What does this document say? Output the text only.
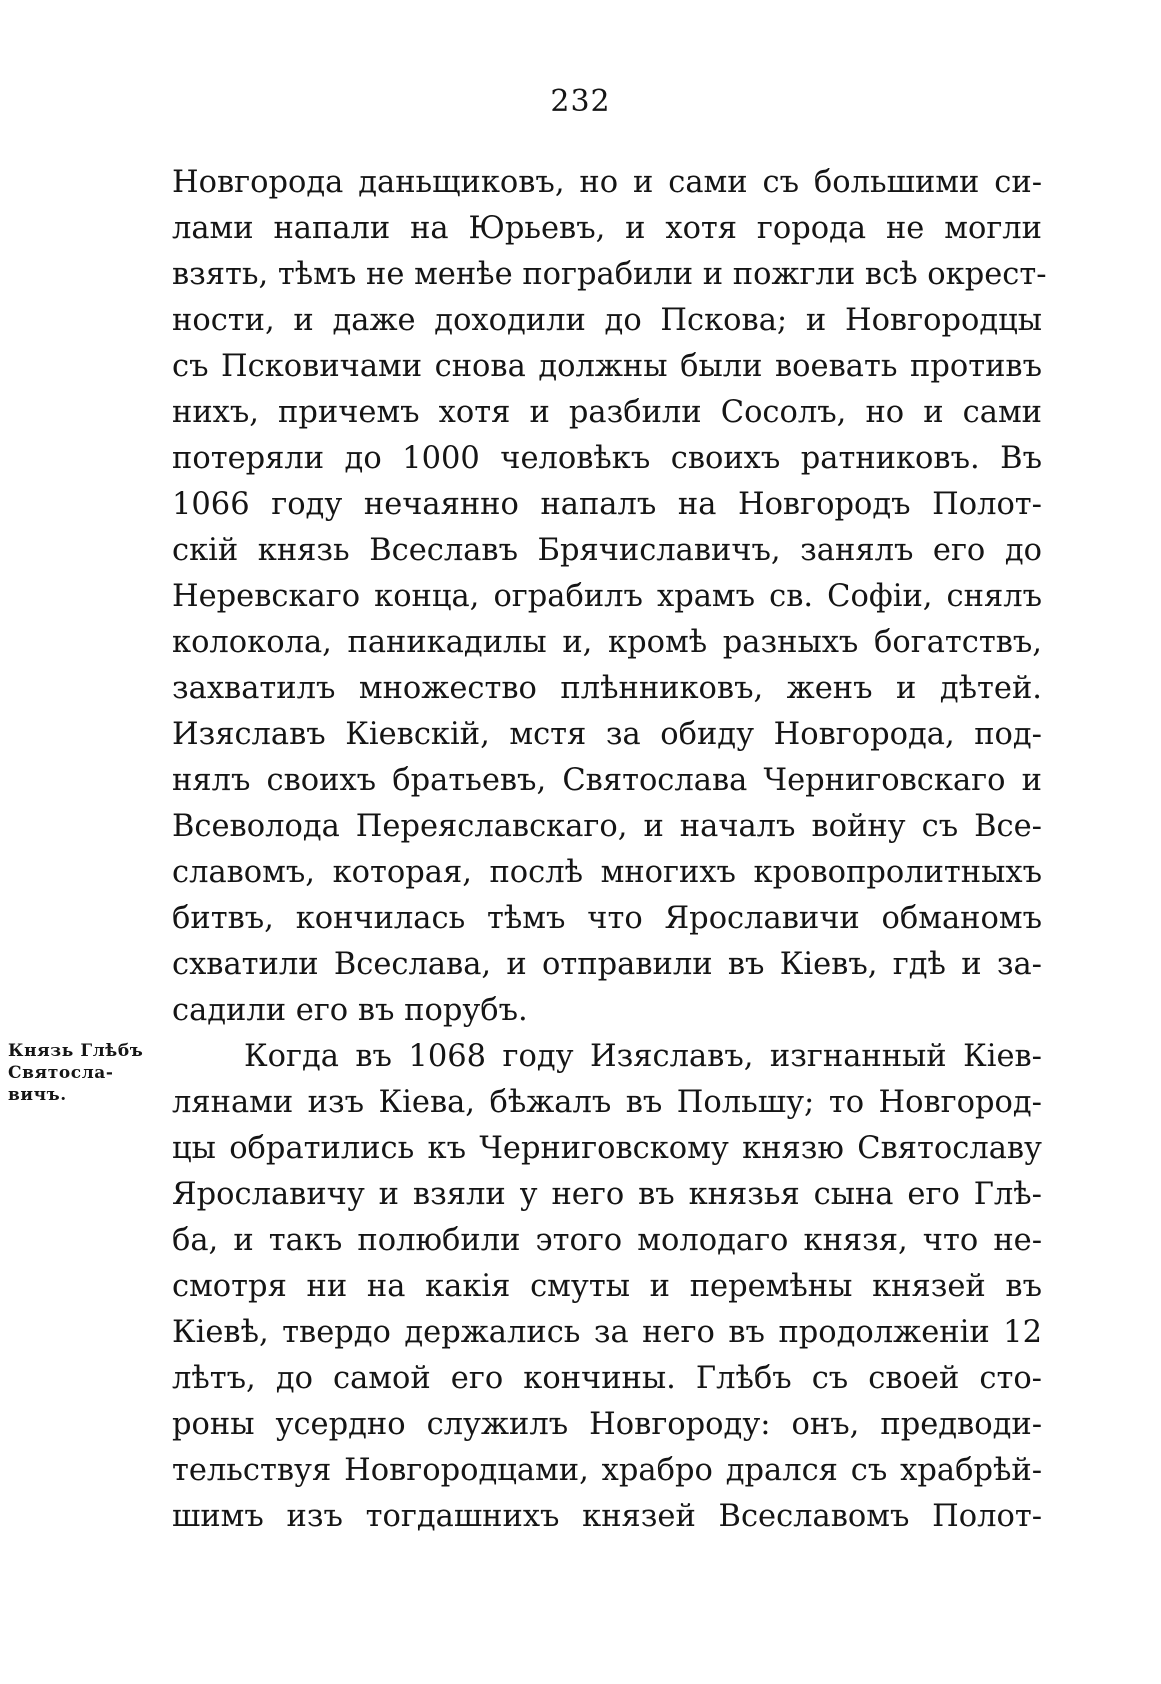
232
Князь Глѣбъ
Святосла-
вичъ.
Новгорода даньщиковъ, но и сами съ большими си-
лами напали на Юрьевъ, и хотя города не могли
взять, тѣмъ не менѣе пограбили и пожгли всѣ окрест-
ности, и даже доходили до Пскова; и Новгородцы
съ Псковичами снова должны были воевать противъ
нихъ, причемъ хотя и разбили Сосолъ, но и сами
потеряли до 1000 человѣкъ своихъ ратниковъ. Въ
1066 году нечаянно напалъ на Новгородъ Полот-
скій князь Всеславъ Брячиславичъ, занялъ его до
Неревскаго конца, ограбилъ храмъ св. Софіи, снялъ
колокола, паникадилы и, кромѣ разныхъ богатствъ,
захватилъ множество плѣнниковъ, женъ и дѣтей.
Изяславъ Кіевскій, мстя за обиду Новгорода, под-
нялъ своихъ братьевъ, Святослава Черниговскаго и
Всеволода Переяславскаго, и началъ войну съ Все-
славомъ, которая, послѣ многихъ кровопролитныхъ
битвъ, кончилась тѣмъ что Ярославичи обманомъ
схватили Всеслава, и отправили въ Кіевъ, гдѣ и за-
садили его въ порубъ.
Когда въ 1068 году Изяславъ, изгнанный Кіев-
лянами изъ Кіева, бѣжалъ въ Польшу; то Новгород-
цы обратились къ Черниговскому князю Святославу
Ярославичу и взяли у него въ князья сына его Глѣ-
ба, и такъ полюбили этого молодаго князя, что не-
смотря ни на какія смуты и перемѣны князей въ
Кіевѣ, твердо держались за него въ продолженіи 12
лѣтъ, до самой его кончины. Глѣбъ съ своей сто-
роны усердно служилъ Новгороду: онъ, предводи-
тельствуя Новгородцами, храбро дрался съ храбрѣй-
шимъ изъ тогдашнихъ князей Всеславомъ Полот-
